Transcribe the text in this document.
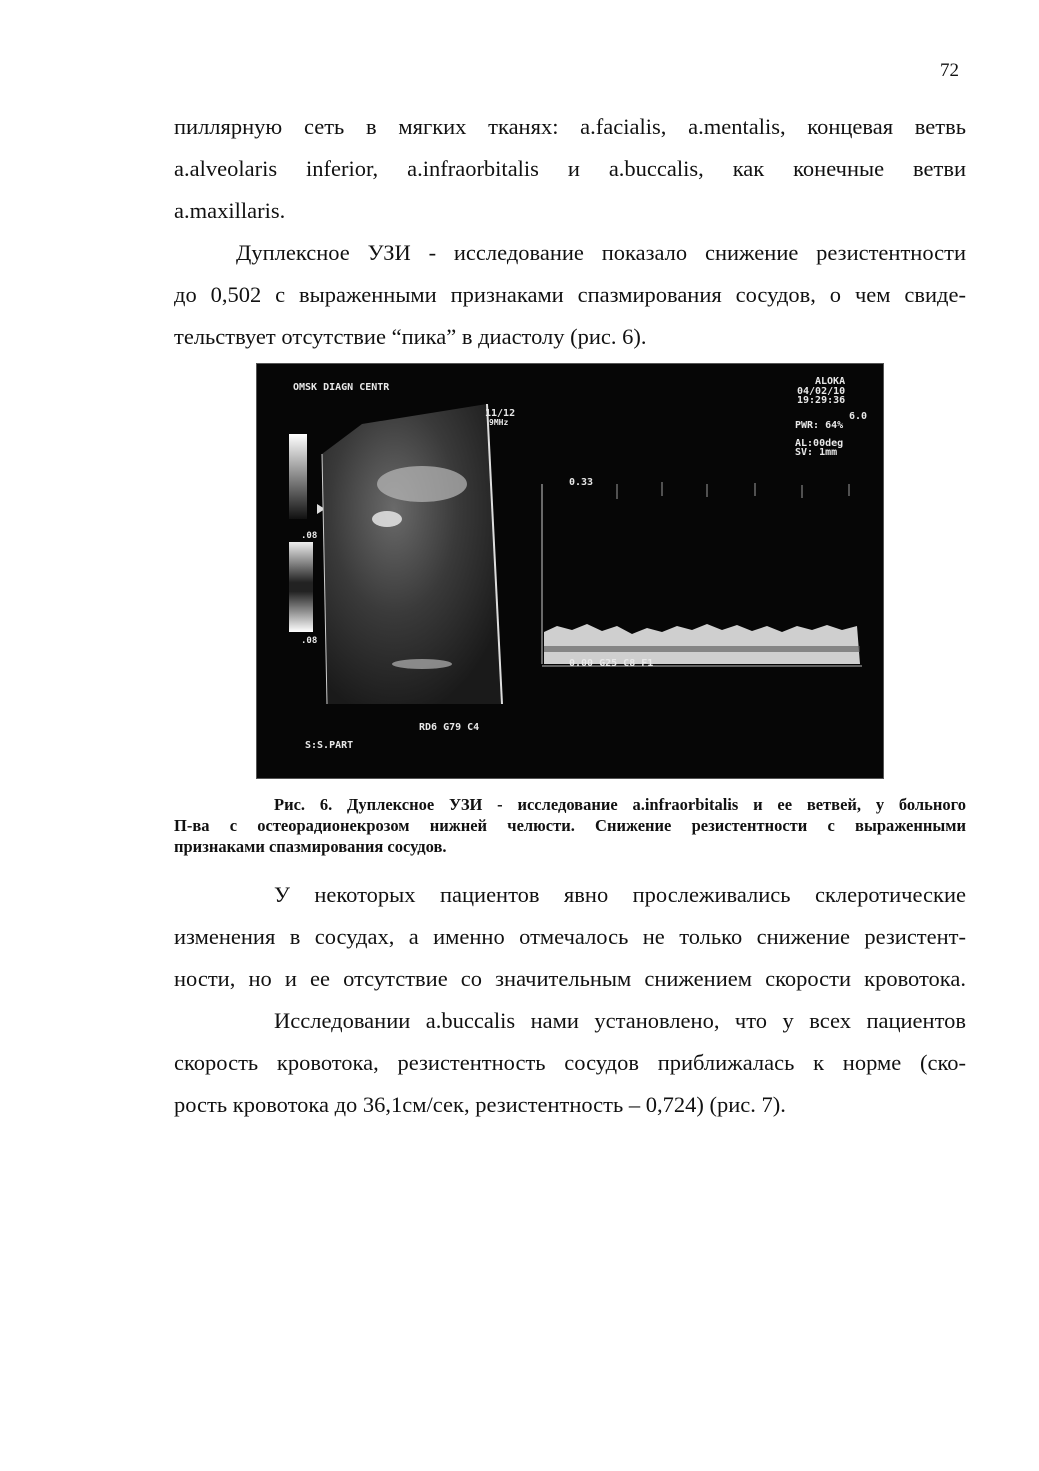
72

пиллярную сеть в мягких тканях: a.facialis, a.mentalis, концевая ветвь
a.alveolaris inferior, a.infraorbitalis и a.buccalis, как конечные ветви
a.maxillaris.

Дуплексное УЗИ - исследование показало снижение резистентности
до 0,502 с выраженными признаками спазмирования сосудов, о чем свиде-
тельствует отсутствие “пика” в диастолу (рис. 6).

OMSK DIAGN CENTR
11/12
9MHz
ALOKA
04/02/10
19:29:36
6.0
PWR: 64%
AL:00deg
SV: 1mm
.08
.08
0.33
0.00 G25 C8 F1
RD6 G79 C4
S:S.PART

Рис. 6. Дуплексное УЗИ - исследование a.infraorbitalis и ее ветвей, у больного
П-ва с остеорадионекрозом нижней челюсти. Снижение резистентности с выраженными
признаками спазмирования сосудов.

У некоторых пациентов явно прослеживались склеротические
изменения в сосудах, а именно отмечалось не только снижение резистент-
ности, но и ее отсутствие со значительным снижением скорости кровотока.

Исследовании a.buccalis нами установлено, что у всех пациентов
скорость кровотока, резистентность сосудов приближалась к норме (ско-
рость кровотока до 36,1см/сек, резистентность – 0,724) (рис. 7).
